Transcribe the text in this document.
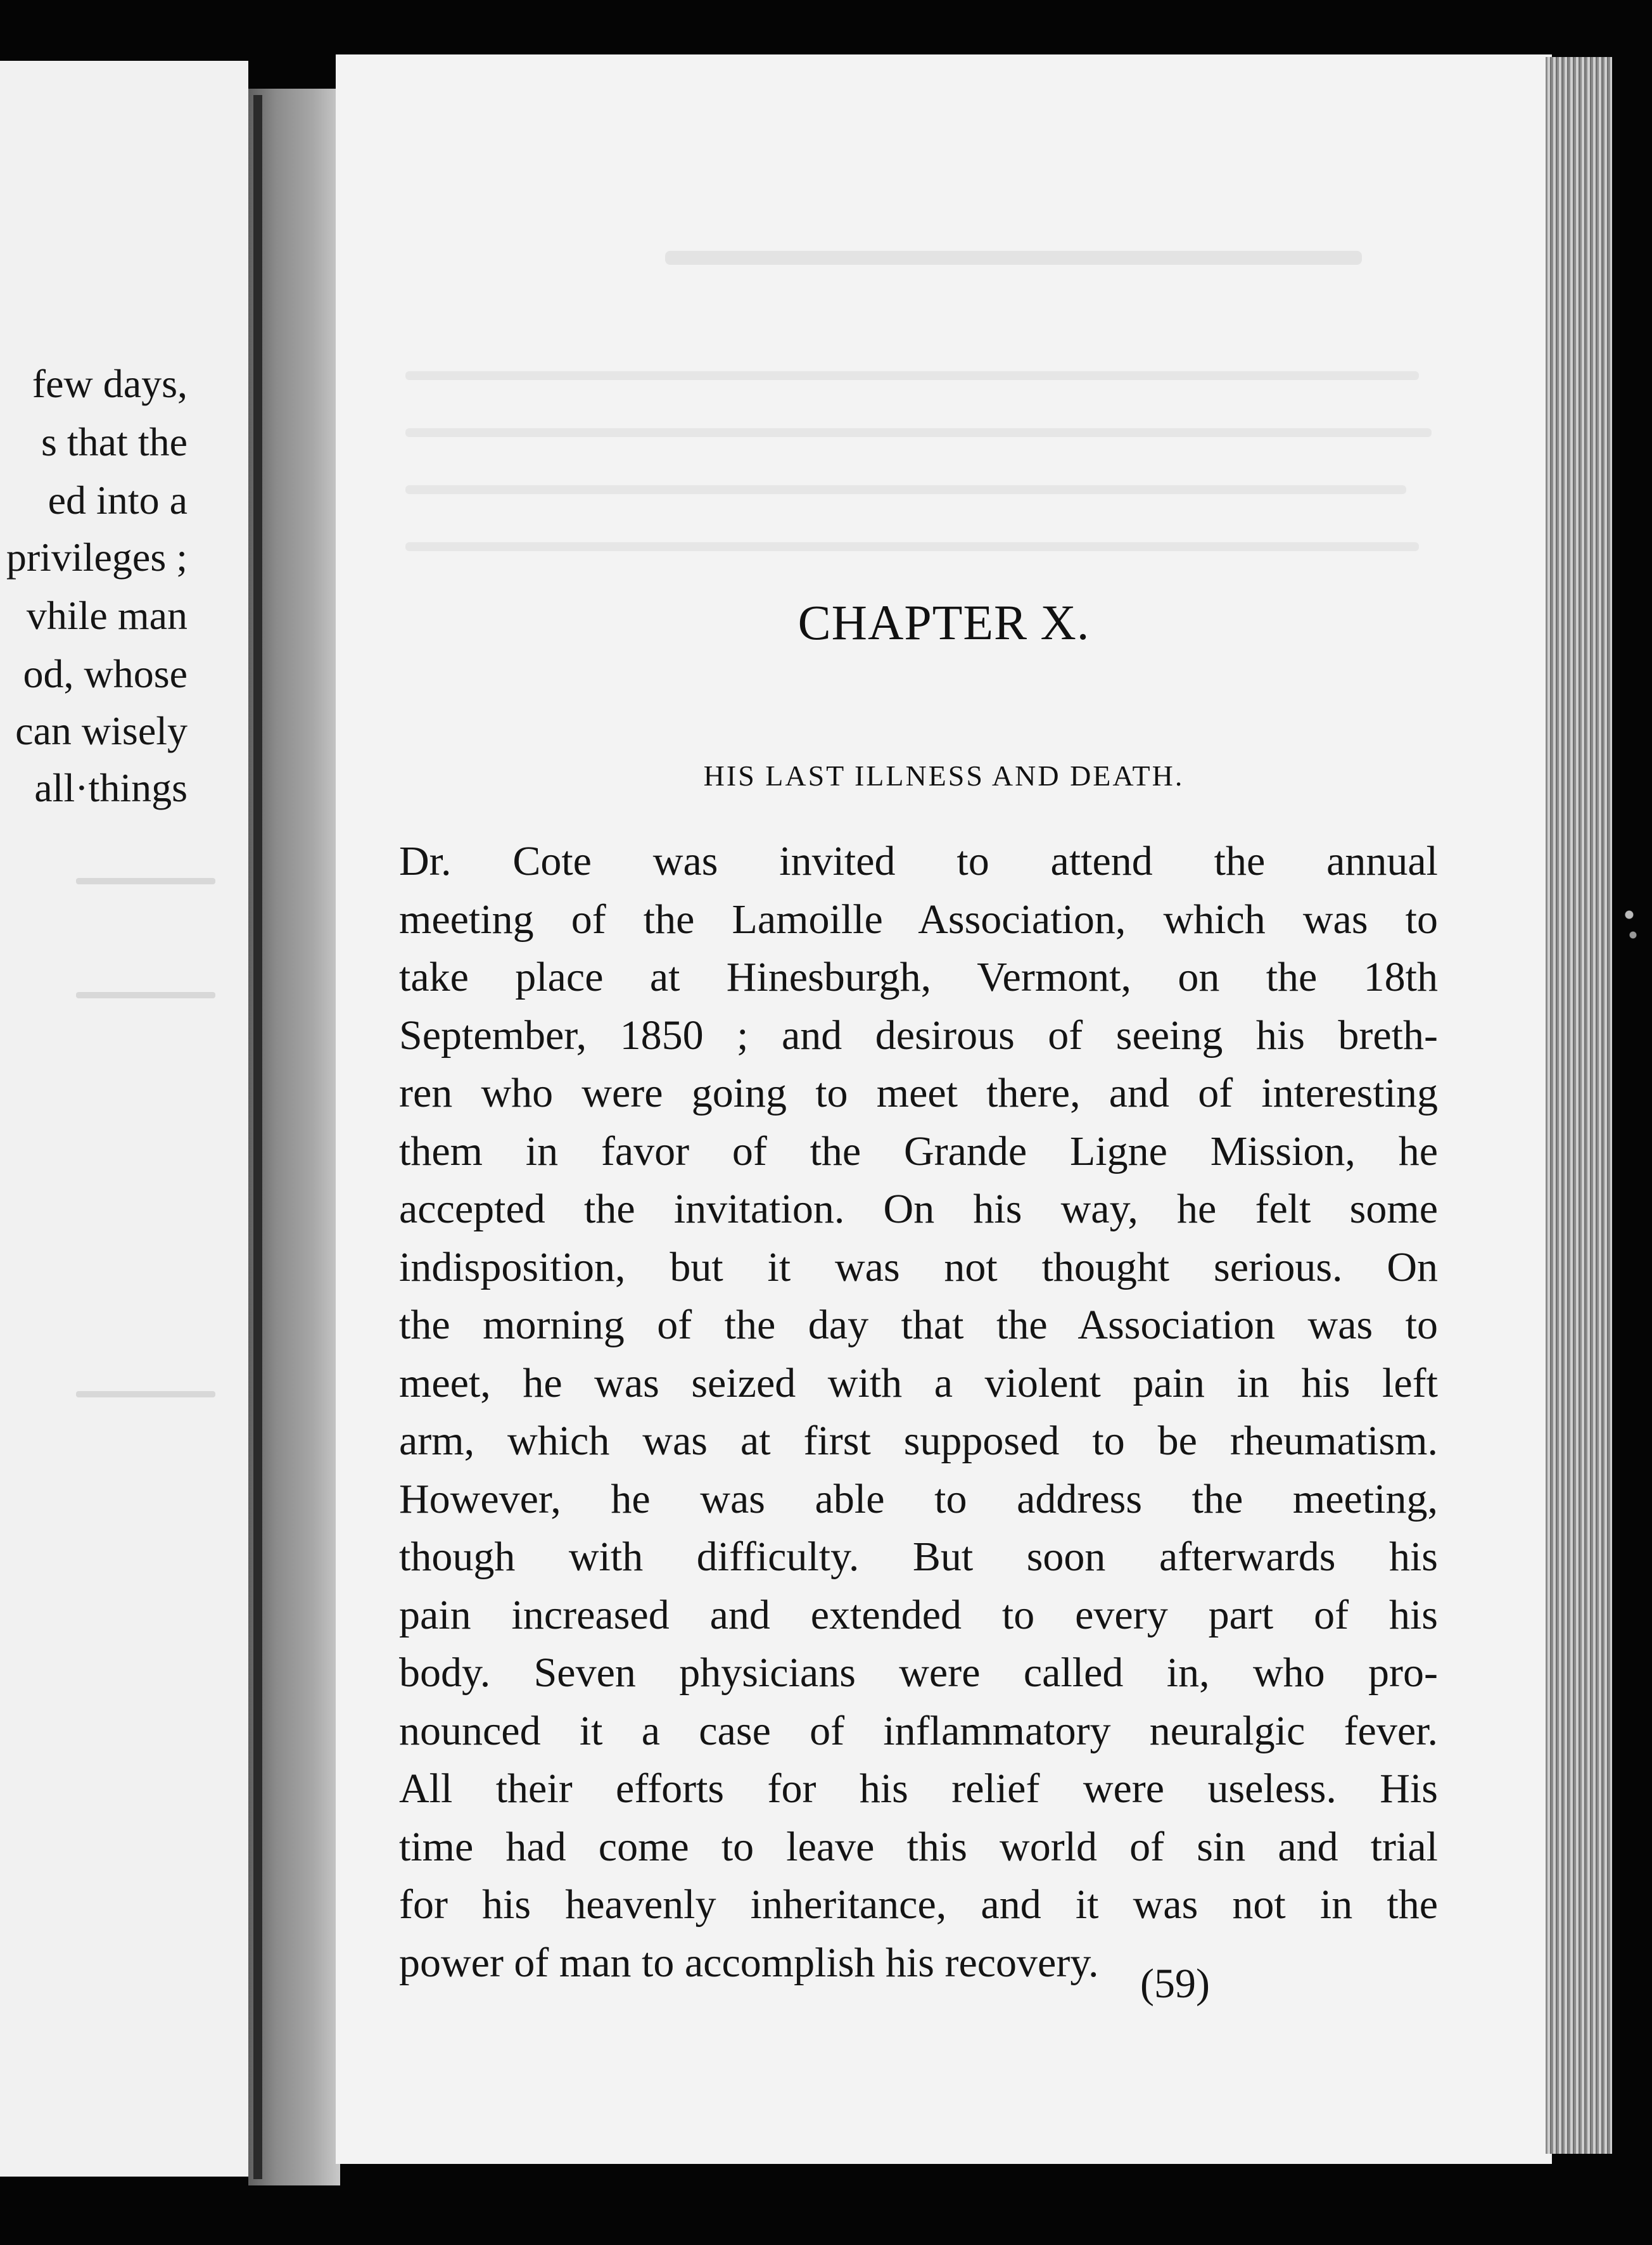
few days,
s that the
ed into a
privileges ;
vhile man
od, whose
can wisely
all·things
CHAPTER X.
HIS LAST ILLNESS AND DEATH.
Dr. Cote was invited to attend the annual
meeting of the Lamoille Association, which was to
take place at Hinesburgh, Vermont, on the 18th
September, 1850 ; and desirous of seeing his breth-
ren who were going to meet there, and of interesting
them in favor of the Grande Ligne Mission, he
accepted the invitation. On his way, he felt some
indisposition, but it was not thought serious. On
the morning of the day that the Association was to
meet, he was seized with a violent pain in his left
arm, which was at first supposed to be rheumatism.
However, he was able to address the meeting,
though with difficulty. But soon afterwards his
pain increased and extended to every part of his
body. Seven physicians were called in, who pro-
nounced it a case of inflammatory neuralgic fever.
All their efforts for his relief were useless. His
time had come to leave this world of sin and trial
for his heavenly inheritance, and it was not in the
power of man to accomplish his recovery. (59)
